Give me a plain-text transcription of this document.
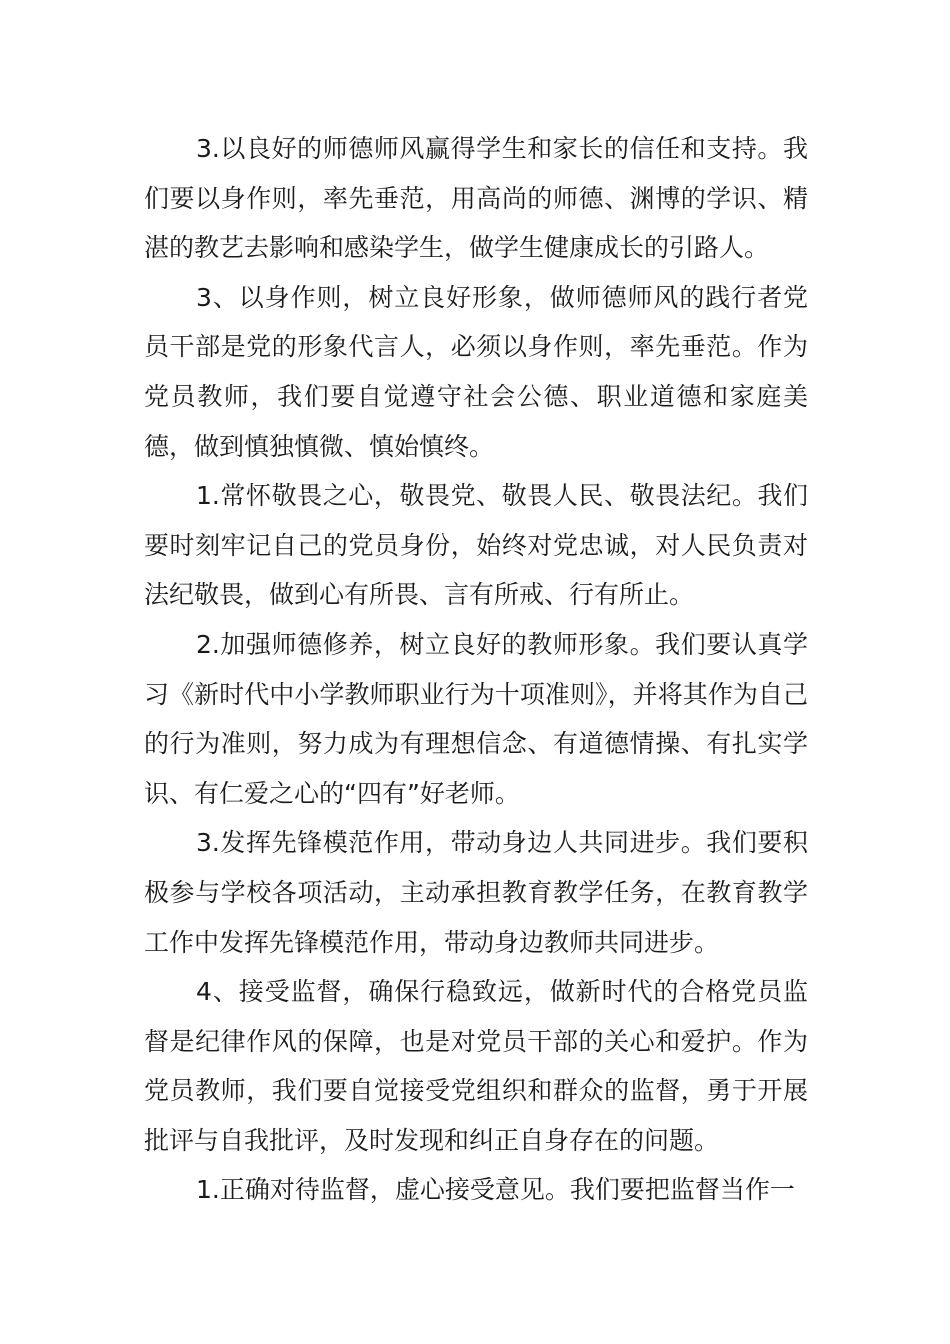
3.以良好的师德师风赢得学生和家长的信任和支持。我们要以身作则，率先垂范，用高尚的师德、渊博的学识、精湛的教艺去影响和感染学生，做学生健康成长的引路人。

3、以身作则，树立良好形象，做师德师风的践行者党员干部是党的形象代言人，必须以身作则，率先垂范。作为党员教师，我们要自觉遵守社会公德、职业道德和家庭美德，做到慎独慎微、慎始慎终。

1.常怀敬畏之心，敬畏党、敬畏人民、敬畏法纪。我们要时刻牢记自己的党员身份，始终对党忠诚，对人民负责对法纪敬畏，做到心有所畏、言有所戒、行有所止。

2.加强师德修养，树立良好的教师形象。我们要认真学习《新时代中小学教师职业行为十项准则》，并将其作为自己的行为准则，努力成为有理想信念、有道德情操、有扎实学识、有仁爱之心的“四有”好老师。

3.发挥先锋模范作用，带动身边人共同进步。我们要积极参与学校各项活动，主动承担教育教学任务，在教育教学工作中发挥先锋模范作用，带动身边教师共同进步。

4、接受监督，确保行稳致远，做新时代的合格党员监督是纪律作风的保障，也是对党员干部的关心和爱护。作为党员教师，我们要自觉接受党组织和群众的监督，勇于开展批评与自我批评，及时发现和纠正自身存在的问题。

1.正确对待监督，虚心接受意见。我们要把监督当作一
